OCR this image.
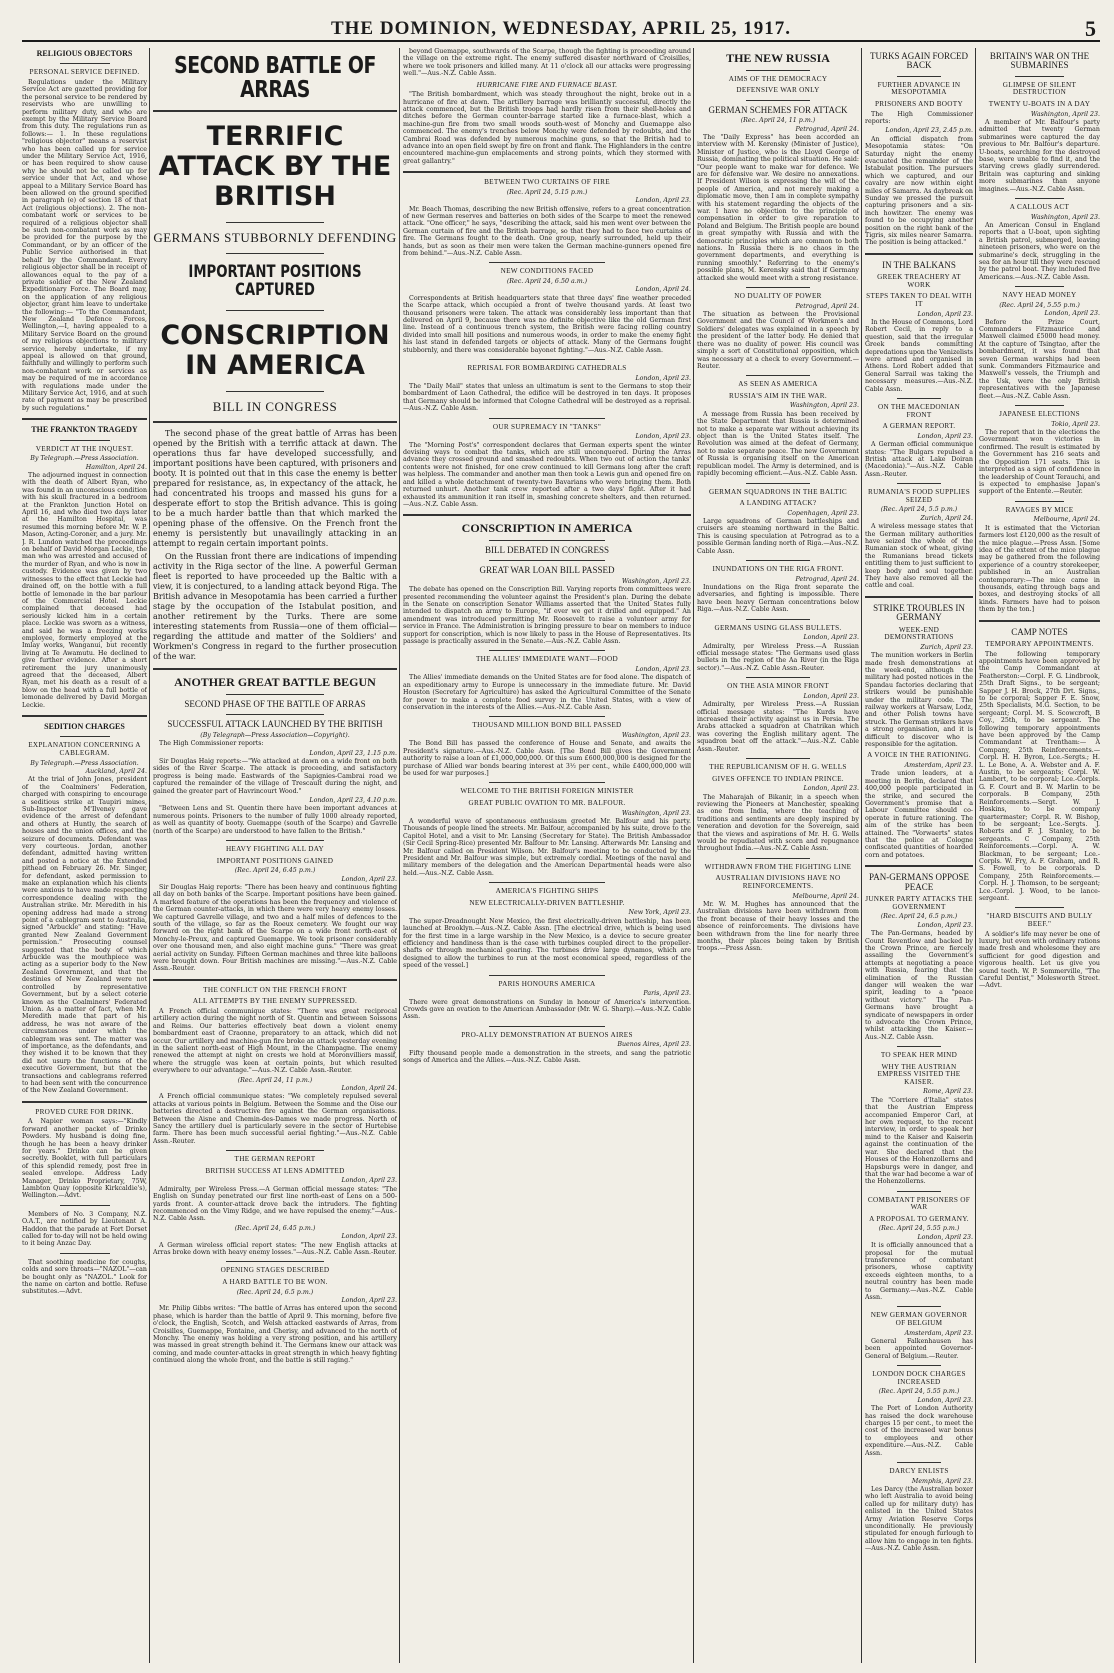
THE DOMINION, WEDNESDAY, APRIL 25, 1917.	5
RELIGIOUS OBJECTORS
PERSONAL SERVICE DEFINED.
Regulations under the Military Service Act are gazetted providing for the personal service to be rendered by reservists who are unwilling to perform military duty, and who are exempt by the Military Service Board from this duty. The regulations run as follows:— 1. In these regulations "religious objector" means a reservist who has been called up for service under the Military Service Act, 1916, or has been required to show cause why he should not be called up for service under that Act, and whose appeal to a Military Service Board has been allowed on the ground specified in paragraph (e) of section 18 of that Act (religious objections). 2. The non-combatant work or services to be required of a religious objector shall be such non-combatant work as may be provided for the purpose by the Commandant, or by an officer of the Public Service authorised in that behalf by the Commandant. Every religious objector shall be in receipt of allowances equal to the pay of a private soldier of the New Zealand Expeditionary Force. The Board may, on the application of any religious objector, grant him leave to undertake the following:— "To the Commandant, New Zealand Defence Forces, Wellington,—I, having appealed to a Military Service Board on the ground of my religious objections to military service, hereby undertake, if my appeal is allowed on that ground, faithfully and willingly to perform such non-combatant work or services as may be required of me in accordance with regulations made under the Military Service Act, 1916, and at such rate of payment as may be prescribed by such regulations."
THE FRANKTON TRAGEDY
VERDICT AT THE INQUEST.
By Telegraph.—Press Association.
Hamilton, April 24.
The adjourned inquest in connection with the death of Albert Ryan, who was found in an unconscious condition with his skull fractured in a bedroom at the Frankton Junction Hotel on April 16, and who died two days later at the Hamilton Hospital, was resumed this morning before Mr. W. P. Mason, Acting-Coroner, and a jury. Mr. J. R. Lundon watched the proceedings on behalf of David Morgan Leckie, the man who was arrested and accused of the murder of Ryan, and who is now in custody. Evidence was given by two witnesses to the effect that Leckie had drained off, on the bottle with a full bottle of lemonade in the bar parlour of the Commercial Hotel. Leckie complained that deceased had seriously kicked him in a certain place. Leckie was sworn as a witness, and said he was a freezing works employee, formerly employed at the Imlay works, Wanganui, but recently living at Te Awamutu. He declined to give further evidence. After a short retirement the jury unanimously agreed that the deceased, Albert Ryan, met his death as a result of a blow on the head with a full bottle of lemonade delivered by David Morgan Leckie.
SEDITION CHARGES
EXPLANATION CONCERNING A CABLEGRAM.
By Telegraph.—Press Association.
Auckland, April 24.
At the trial of John Jones, president of the Coalminers' Federation, charged with conspiring to encourage a seditious strike at Taupiri mines, Sub-Inspector M'Ilveney gave evidence of the arrest of defendant and others at Huntly, the search of houses and the union offices, and the seizure of documents. Defendant was very courteous. Jordan, another defendant, admitted having written and posted a notice at the Extended pithead on February 26. Mr. Singer, for defendant, asked permission to make an explanation which his clients were anxious to have made respecting correspondence dealing with the Australian strike. Mr. Meredith in his opening address had made a strong point of a cablegram sent to Australia, signed "Arbuckle" and stating: "Have granted New Zealand Government permission." Prosecuting counsel suggested that the body of which Arbuckle was the mouthpiece was acting as a superior body to the New Zealand Government, and that the destinies of New Zealand were not controlled by representative Government, but by a select coterie known as the Coalminers' Federated Union. As a matter of fact, when Mr. Meredith made that part of his address, he was not aware of the circumstances under which the cablegram was sent. The matter was of importance, as the defendants, and they wished it to be known that they did not usurp the functions of the executive Government, but that the transactions and cablegrams referred to had been sent with the concurrence of the New Zealand Government.
PROVED CURE FOR DRINK.
A Napier woman says:—"Kindly forward another packet of Drinko Powders. My husband is doing fine, though he has been a heavy drinker for years." Drinko can be given secretly. Booklet, with full particulars of this splendid remedy, post free in sealed envelope. Address Lady Manager, Drinko Proprietary, 75W, Lambton Quay (opposite Kirkcaldie's), Wellington.—Advt.
Members of No. 3 Company, N.Z. O.A.T., are notified by Lieutenant A. Haddon that the parade at Fort Dorset called for to-day will not be held owing to it being Anzac Day.
That soothing medicine for coughs, colds and sore throats—"NAZOL"—can be bought only as "NAZOL." Look for the name on carton and bottle. Refuse substitutes.—Advt.
SECOND BATTLE OF ARRAS
TERRIFIC ATTACK BY THE BRITISH
GERMANS STUBBORNLY DEFENDING
IMPORTANT POSITIONS CAPTURED
CONSCRIPTION IN AMERICA
BILL IN CONGRESS
The second phase of the great battle of Arras has been opened by the British with a terrific attack at dawn. The operations thus far have developed successfully, and important positions have been captured, with prisoners and booty. It is pointed out that in this case the enemy is better prepared for resistance, as, in expectancy of the attack, he had concentrated his troops and massed his guns for a desperate effort to stop the British advance. This is going to be a much harder battle than that which marked the opening phase of the offensive. On the French front the enemy is persistently but unavailingly attacking in an attempt to regain certain important points.
On the Russian front there are indications of impending activity in the Riga sector of the line. A powerful German fleet is reported to have proceeded up the Baltic with a view, it is conjectured, to a landing attack beyond Riga. The British advance in Mesopotamia has been carried a further stage by the occupation of the Istabulat position, and another retirement by the Turks. There are some interesting statements from Russia—one of them official—regarding the attitude and matter of the Soldiers' and Workmen's Congress in regard to the further prosecution of the war.
ANOTHER GREAT BATTLE BEGUN
SECOND PHASE OF THE BATTLE OF ARRAS
SUCCESSFUL ATTACK LAUNCHED BY THE BRITISH
(By Telegraph—Press Association—Copyright).
The High Commissioner reports:
London, April 23, 1.15 p.m.
Sir Douglas Haig reports:—"We attacked at dawn on a wide front on both sides of the River Scarpe. The attack is proceeding, and satisfactory progress is being made. Eastwards of the Sapignies-Cambrai road we captured the remainder of the village of Trescault during the night, and gained the greater part of Havrincourt Wood."
London, April 23, 4.10 p.m.
"Between Lens and St. Quentin there have been important advances at numerous points. Prisoners to the number of fully 1000 already reported, as well as quantity of booty. Guemappe (south of the Scarpe) and Gavrelle (north of the Scarpe) are understood to have fallen to the British."
HEAVY FIGHTING ALL DAY
IMPORTANT POSITIONS GAINED
(Rec. April 24, 6.45 p.m.)
London, April 23.
Sir Douglas Haig reports: "There has been heavy and continuous fighting all day on both banks of the Scarpe. Important positions have been gained. A marked feature of the operations has been the frequency and violence of the German counter-attacks, in which there were very heavy enemy losses. We captured Gavrelle village, and two and a half miles of defences to the south of the village, so far as the Roeux cemetery. We fought our way forward on the right bank of the Scarpe on a wide front north-east of Monchy-le-Preux, and captured Guemappe. We took prisoner considerably over one thousand men, and also eight machine guns." "There was great aerial activity on Sunday. Fifteen German machines and three kite balloons were brought down. Four British machines are missing."—Aus.-N.Z. Cable Assn.-Reuter.
THE CONFLICT ON THE FRENCH FRONT
ALL ATTEMPTS BY THE ENEMY SUPPRESSED.
A French official communique states: "There was great reciprocal artillery action during the night north of St. Quentin and between Soissons and Reims. Our batteries effectively beat down a violent enemy bombardment east of Craonne, preparatory to an attack, which did not occur. Our artillery and machine-gun fire broke an attack yesterday evening in the salient north-east of High Mount, in the Champagne. The enemy renewed the attempt at night on crests we hold at Moronvilliers massif, where the struggle was keen at certain points, but which resulted everywhere to our advantage."—Aus.-N.Z. Cable Assn.-Reuter.
(Rec. April 24, 11 p.m.)
London, April 24.
A French official communique states: "We completely repulsed several attacks at various points in Belgium. Between the Somme and the Oise our batteries directed a destructive fire against the German organisations. Between the Aisne and Chemin-des-Dames we made progress. North of Sancy the artillery duel is particularly severe in the sector of Hurtebise farm. There has been much successful aerial fighting."—Aus.-N.Z. Cable Assn.-Reuter.
THE GERMAN REPORT
BRITISH SUCCESS AT LENS ADMITTED
London, April 23.
Admiralty, per Wireless Press.—A German official message states: "The English on Sunday penetrated our first line north-east of Lens on a 500-yards front. A counter-attack drove back the intruders. The fighting recommenced on the Vimy Ridge, and we have repulsed the enemy."—Aus.-N.Z. Cable Assn.
(Rec. April 24, 6.45 p.m.)
London, April 23.
A German wireless official report states: "The new English attacks at Arras broke down with heavy enemy losses."—Aus.-N.Z. Cable Assn.-Reuter.
OPENING STAGES DESCRIBED
A HARD BATTLE TO BE WON.
(Rec. April 24, 6.5 p.m.)
London, April 23.
Mr. Philip Gibbs writes: "The battle of Arras has entered upon the second phase, which is harder than the battle of April 9. This morning, before five o'clock, the English, Scotch, and Welsh attacked eastwards of Arras, from Croisilles, Guemappe, Fontaine, and Cherisy, and advanced to the north of Monchy. The enemy was holding a very strong position, and his artillery was massed in great strength behind it. The Germans knew our attack was coming, and made counter-attacks in great strength in which heavy fighting continued along the whole front, and the battle is still raging."
beyond Guemappe, southwards of the Scarpe, though the fighting is proceeding around the village on the extreme right. The enemy suffered disaster northward of Croisilles, where we took prisoners and killed many. At 11 o'clock all our attacks were progressing well."—Aus.-N.Z. Cable Assn.
HURRICANE FIRE AND FURNACE BLAST.
"The British bombardment, which was steady throughout the night, broke out in a hurricane of fire at dawn. The artillery barrage was brilliantly successful, directly the attack commenced, but the British troops had hardly risen from their shell-holes and ditches before the German counter-barrage started like a furnace-blast, which a machine-gun fire from two small woods south-west of Monchy and Guemappe also commenced. The enemy's trenches below Monchy were defended by redoubts, and the Cambrai Road was defended by numerous machine guns, so that the British had to advance into an open field swept by fire on front and flank. The Highlanders in the centre encountered machine-gun emplacements and strong points, which they stormed with great gallantry."
BETWEEN TWO CURTAINS OF FIRE
(Rec. April 24, 5.15 p.m.)
London, April 23.
Mr. Beach Thomas, describing the new British offensive, refers to a great concentration of new German reserves and batteries on both sides of the Scarpe to meet the renewed attack. "One officer," he says, "describing the attack, said his men went over between the German curtain of fire and the British barrage, so that they had to face two curtains of fire. The Germans fought to the death. One group, nearly surrounded, held up their hands, but as soon as their men were taken the German machine-gunners opened fire from behind."—Aus.-N.Z. Cable Assn.
NEW CONDITIONS FACED
(Rec. April 24, 6.50 a.m.)
London, April 24.
Correspondents at British headquarters state that three days' fine weather preceded the Scarpe attack, which occupied a front of twelve thousand yards. At least two thousand prisoners were taken. The attack was considerably less important than that delivered on April 9, because there was no definite objective like the old German first line. Instead of a continuous trench system, the British were facing rolling country divided into small hill positions and numerous woods, in order to make the enemy fight his last stand in defended targets or objects of attack. Many of the Germans fought stubbornly, and there was considerable bayonet fighting."—Aus.-N.Z. Cable Assn.
REPRISAL FOR BOMBARDING CATHEDRALS
London, April 23.
The "Daily Mail" states that unless an ultimatum is sent to the Germans to stop their bombardment of Laon Cathedral, the edifice will be destroyed in ten days. It proposes that Germany should be informed that Cologne Cathedral will be destroyed as a reprisal.—Aus.-N.Z. Cable Assn.
OUR SUPREMACY IN "TANKS"
London, April 23.
The "Morning Post's" correspondent declares that German experts spent the winter devising ways to combat the tanks, which are still unconquered. During the Arras advance they crossed ground and smashed redoubts. When two out of action the tanks' contents were not finished, for one crew continued to kill Germans long after the craft was helpless. The commander and another man then took a Lewis gun and opened fire on and killed a whole detachment of twenty-two Bavarians who were bringing them. Both returned unhurt. Another tank crew reported after a two days' fight. After it had exhausted its ammunition it ran itself in, smashing concrete shelters, and then returned.—Aus.-N.Z. Cable Assn.
CONSCRIPTION IN AMERICA
BILL DEBATED IN CONGRESS
GREAT WAR LOAN BILL PASSED
Washington, April 23.
The debate has opened on the Conscription Bill. Varying reports from committees were presented recommending the volunteer against the President's plan. During the debate in the Senate on conscription Senator Williams asserted that the United States fully intended to dispatch an army to Europe, "if ever we get it drilled and equipped." An amendment was introduced permitting Mr. Roosevelt to raise a volunteer army for service in France. The Administration is bringing pressure to bear on members to induce support for conscription, which is now likely to pass in the House of Representatives. Its passage is practically assured in the Senate.—Aus.-N.Z. Cable Assn.
THE ALLIES' IMMEDIATE WANT—FOOD
London, April 23.
The Allies' immediate demands on the United States are for food alone. The dispatch of an expeditionary army to Europe is unnecessary in the immediate future. Mr. David Houston (Secretary for Agriculture) has asked the Agricultural Committee of the Senate for power to make a complete food survey in the United States, with a view of conservation in the interests of the Allies.—Aus.-N.Z. Cable Assn.
THOUSAND MILLION BOND BILL PASSED
Washington, April 23.
The Bond Bill has passed the conference of House and Senate, and awaits the President's signature.—Aus.-N.Z. Cable Assn. [The Bond Bill gives the Government authority to raise a loan of £1,000,000,000. Of this sum £600,000,000 is designed for the purchase of Allied war bonds bearing interest at 3½ per cent., while £400,000,000 will be used for war purposes.]
WELCOME TO THE BRITISH FOREIGN MINISTER
GREAT PUBLIC OVATION TO MR. BALFOUR.
Washington, April 23.
A wonderful wave of spontaneous enthusiasm greeted Mr. Balfour and his party. Thousands of people lined the streets. Mr. Balfour, accompanied by his suite, drove to the Capitol Hotel, and a visit to Mr. Lansing (Secretary for State). The British Ambassador (Sir Cecil Spring-Rice) presented Mr. Balfour to Mr. Lansing. Afterwards Mr. Lansing and Mr. Balfour called on President Wilson. Mr. Balfour's meeting to be conducted by the President and Mr. Balfour was simple, but extremely cordial. Meetings of the naval and military members of the delegation and the American Departmental heads were also held.—Aus.-N.Z. Cable Assn.
AMERICA'S FIGHTING SHIPS
NEW ELECTRICALLY-DRIVEN BATTLESHIP.
New York, April 23.
The super-Dreadnought New Mexico, the first electrically-driven battleship, has been launched at Brooklyn.—Aus.-N.Z. Cable Assn. [The electrical drive, which is being used for the first time in a large warship in the New Mexico, is a device to secure greater efficiency and handiness than is the case with turbines coupled direct to the propeller-shafts or through mechanical gearing. The turbines drive large dynamos, which are designed to allow the turbines to run at the most economical speed, regardless of the speed of the vessel.]
PARIS HONOURS AMERICA
Paris, April 23.
There were great demonstrations on Sunday in honour of America's intervention. Crowds gave an ovation to the American Ambassador (Mr. W. G. Sharp).—Aus.-N.Z. Cable Assn.
PRO-ALLY DEMONSTRATION AT BUENOS AIRES
Buenos Aires, April 23.
Fifty thousand people made a demonstration in the streets, and sang the patriotic songs of America and the Allies.—Aus.-N.Z. Cable Assn.
THE NEW RUSSIA
AIMS OF THE DEMOCRACY
DEFENSIVE WAR ONLY
GERMAN SCHEMES FOR ATTACK
(Rec. April 24, 11 p.m.)
Petrograd, April 24.
The "Daily Express" has been accorded an interview with M. Kerensky (Minister of Justice), Minister of Justice, who is the Lloyd George of Russia, dominating the political situation. He said: "Our people want to make war for defence. We are for defensive war. We desire no annexations. If President Wilson is expressing the will of the people of America, and not merely making a diplomatic move, then I am in complete sympathy with his statement regarding the objects of the war. I have no objection to the principle of compensation in order to give reparation to Poland and Belgium. The British people are bound in great sympathy with Russia and with the democratic principles which are common to both nations. In Russia there is no chaos in the government departments, and everything is running smoothly." Referring to the enemy's possible plans, M. Kerensky said that if Germany attacked she would meet with a strong resistance.
NO DUALITY OF POWER
Petrograd, April 24.
The situation as between the Provisional Government and the Council of Workmen's and Soldiers' delegates was explained in a speech by the president of the latter body. He denied that there was no duality of power. His council was simply a sort of Constitutional opposition, which was necessary at a check to every Government.—Reuter.
AS SEEN AS AMERICA
RUSSIA'S AIM IN THE WAR.
Washington, April 23.
A message from Russia has been received by the State Department that Russia is determined not to make a separate war without achieving its object than is the United States itself. The Revolution was aimed at the defeat of Germany, not to make separate peace. The new Government of Russia is organising itself on the American republican model. The Army is determined, and is rapidly becoming efficient.—Aus.-N.Z. Cable Assn.
GERMAN SQUADRONS IN THE BALTIC
A LANDING ATTACK?
Copenhagen, April 23.
Large squadrons of German battleships and cruisers are steaming northward in the Baltic. This is causing speculation at Petrograd as to a possible German landing north of Riga.—Aus.-N.Z. Cable Assn.
INUNDATIONS ON THE RIGA FRONT.
Petrograd, April 24.
Inundations on the Riga front separate the adversaries, and fighting is impossible. There have been heavy German concentrations below Riga.—Aus.-N.Z. Cable Assn.
GERMANS USING GLASS BULLETS.
London, April 23.
Admiralty, per Wireless Press.—A Russian official message states: "The Germans used glass bullets in the region of the Aa River (in the Riga sector)."—Aus.-N.Z. Cable Assn.-Reuter.
ON THE ASIA MINOR FRONT
London, April 23.
Admiralty, per Wireless Press.—A Russian official message states: "The Kurds have increased their activity against us in Persia. The Arabs attacked a squadron at Chatrikan which was covering the English military agent. The squadron beat off the attack."—Aus.-N.Z. Cable Assn.-Reuter.
THE REPUBLICANISM OF H. G. WELLS
GIVES OFFENCE TO INDIAN PRINCE.
London, April 23.
The Maharajah of Bikanir, in a speech when reviewing the Pioneers at Manchester, speaking as one from India, where the teaching of traditions and sentiments are deeply inspired by veneration and devotion for the Sovereign, said that the views and aspirations of Mr. H. G. Wells would be repudiated with scorn and repugnance throughout India.—Aus.-N.Z. Cable Assn.
WITHDRAWN FROM THE FIGHTING LINE
AUSTRALIAN DIVISIONS HAVE NO REINFORCEMENTS.
Melbourne, April 24.
Mr. W. M. Hughes has announced that the Australian divisions have been withdrawn from the front because of their heavy losses and the absence of reinforcements. The divisions have been withdrawn from the line for nearly three months, their places being taken by British troops.—Press Assn.
TURKS AGAIN FORCED BACK
FURTHER ADVANCE IN MESOPOTAMIA
PRISONERS AND BOOTY
The High Commissioner reports:
London, April 23, 2.45 p.m.
An official dispatch from Mesopotamia states: "On Saturday night the enemy evacuated the remainder of the Istabulat position. The pursuers which we captured, and our cavalry are now within eight miles of Samarra. As daybreak on Sunday we pressed the pursuit capturing prisoners and a six-inch howitzer. The enemy was found to be occupying another position on the right bank of the Tigris, six miles nearer Samarra. The position is being attacked."
IN THE BALKANS
GREEK TREACHERY AT WORK
STEPS TAKEN TO DEAL WITH IT
London, April 23.
In the House of Commons, Lord Robert Cecil, in reply to a question, said that the irregular Greek bands committing depredations upon the Venizelists were armed and organised in Athens. Lord Robert added that General Sarrail was taking the necessary measures.—Aus.-N.Z. Cable Assn.
ON THE MACEDONIAN FRONT
A GERMAN REPORT.
London, April 23.
A German official communique states: "The Bulgars repulsed a British attack at Lake Doiran (Macedonia)."—Aus.-N.Z. Cable Assn.-Reuter.
RUMANIA'S FOOD SUPPLIES SEIZED
(Rec. April 24, 5.5 p.m.)
Zurich, April 24.
A wireless message states that the German military authorities have seized the whole of the Rumanian stock of wheat, giving the Rumanians bread tickets entitling them to just sufficient to keep body and soul together. They have also removed all the cattle and coal.
STRIKE TROUBLES IN GERMANY
WEEK-END DEMONSTRATIONS
Zurich, April 23.
The munition workers in Berlin made fresh demonstrations at the week-end, although the military had posted notices in the Spandau factories declaring that strikers would be punishable under the military code. The railway workers at Warsaw, Lodz, and other Polish towns have struck. The German strikers have a strong organisation, and it is difficult to discover who is responsible for the agitation.
A VOICE IN THE RATIONING.
Amsterdam, April 23.
Trade union leaders, at a meeting in Berlin, declared that 400,000 people participated in the strike, and secured the Government's promise that a Labour Committee should co-operate in future rationing. The aim of the strike has been attained. The "Vorwaerts" states that the police at Cologne confiscated quantities of hoarded corn and potatoes.
PAN-GERMANS OPPOSE PEACE
JUNKER PARTY ATTACKS THE GOVERNMENT
(Rec. April 24, 6.5 p.m.)
London, April 23.
The Pan-Germans, headed by Count Reventlow and backed by the Crown Prince, are fiercely assailing the Government's attempts at negotiating a peace with Russia, fearing that the elimination of the Russian danger will weaken the war spirit, leading to a "peace without victory." The Pan-Germans have brought a syndicate of newspapers in order to advocate the Crown Prince, whilst attacking the Kaiser.—Aus.-N.Z. Cable Assn.
TO SPEAK HER MIND
WHY THE AUSTRIAN EMPRESS VISITED THE KAISER.
Rome, April 23.
The "Corriere d'Italia" states that the Austrian Empress accompanied Emperor Carl, at her own request, to the recent interview, in order to speak her mind to the Kaiser and Kaiserin against the continuation of the war. She declared that the Houses of the Hohenzollerns and Hapsburgs were in danger, and that the war had become a war of the Hohenzollerns.
COMBATANT PRISONERS OF WAR
A PROPOSAL TO GERMANY.
(Rec. April 24, 5.55 p.m.)
London, April 23.
It is officially announced that a proposal for the mutual transference of combatant prisoners, whose captivity exceeds eighteen months, to a neutral country has been made to Germany.—Aus.-N.Z. Cable Assn.
NEW GERMAN GOVERNOR OF BELGIUM
Amsterdam, April 23.
General Falkenhausen has been appointed Governor-General of Belgium.—Reuter.
LONDON DOCK CHARGES INCREASED
(Rec. April 24, 5.55 p.m.)
London, April 23.
The Port of London Authority has raised the dock warehouse charges 15 per cent., to meet the cost of the increased war bonus to employees and other expenditure.—Aus.-N.Z. Cable Assn.
DARCY ENLISTS
Memphis, April 23.
Les Darcy (the Australian boxer who left Australia to avoid being called up for military duty) has enlisted in the United States Army Aviation Reserve Corps unconditionally. He previously stipulated for enough furlough to allow him to engage in ten fights.—Aus.-N.Z. Cable Assn.
BRITAIN'S WAR ON THE SUBMARINES
GLIMPSE OF SILENT DESTRUCTION
TWENTY U-BOATS IN A DAY
Washington, April 23.
A member of Mr. Balfour's party admitted that twenty German submarines were captured the day previous to Mr. Balfour's departure. U-boats, searching for the destroyed base, were unable to find it, and the starving crews gladly surrendered. Britain was capturing and sinking more submarines than anyone imagines.—Aus.-N.Z. Cable Assn.
A CALLOUS ACT
Washington, April 23.
An American Consul in England reports that a U-boat, upon sighting a British patrol, submerged, leaving nineteen prisoners, who were on the submarine's deck, struggling in the sea for an hour till they were rescued by the patrol boat. They included five Americans.—Aus.-N.Z. Cable Assn.
NAVY HEAD MONEY
(Rec. April 24, 5.55 p.m.)
London, April 23.
Before the Prize Court, Commanders Fitzmaurice and Maxwell claimed £5000 head money. At the capture of Tsingtao, after the bombardment, it was found that seven German warships had been sunk. Commanders Fitzmaurice and Maxwell's vessels, the Triumph and the Usk, were the only British representatives with the Japanese fleet.—Aus.-N.Z. Cable Assn.
JAPANESE ELECTIONS
Tokio, April 23.
The report that in the elections the Government won victories in confirmed. The result is estimated by the Government has 216 seats and the Opposition 171 seats. This is interpreted as a sign of confidence in the leadership of Count Terauchi, and is expected to emphasise Japan's support of the Entente.—Reuter.
RAVAGES BY MICE
Melbourne, April 24.
It is estimated that the Victorian farmers lost £120,000 as the result of the mice plague.—Press Assn. [Some idea of the extent of the mice plague may be gathered from the following experience of a country storekeeper, published in an Australian contemporary:—The mice came in thousands, eating through bags and boxes, and destroying stocks of all kinds. Farmers have had to poison them by the ton.]
CAMP NOTES
TEMPORARY APPOINTMENTS.
The following temporary appointments have been approved by the Camp Commandant at Featherston:—Corpl. F. G. Lindbrook, 25th Draft Signs., to be sergeant; Sapper J. H. Brock, 27th Drt. Signs., to be corporal; Sapper F. E. Snow, 25th Specialists, M.G. Section, to be sergeant; Corpl. M. S. Scowcroft, B Coy., 25th, to be sergeant. The following temporary appointments have been approved by the Camp Commandant at Trentham:— A Company, 25th Reinforcements.—Corpl. H. H. Byron, Lce.-Sergts.; H. L. Le Bone, A. A. Webster and A. F. Austin, to be sergeants; Corpl. W. Lambert, to be corporal; Lce.-Corpls. G. F. Court and B. W. Marlin to be corporals. B Company, 25th Reinforcements.—Sergt. W. J. Hoskins, to be company quartermaster; Corpl. R. W. Bishop, to be sergeant; Lce.-Sergts. J. Roberts and F. J. Stanley, to be sergeants. C Company, 25th Reinforcements.—Corpl. A. W. Blackman, to be sergeant; Lce.-Corpls. W. Fry, A. F. Graham, and R. S. Fowell, to be corporals. D Company, 25th Reinforcements.—Corpl. H. J. Thomson, to be sergeant; Lce.-Corpl. J. Wood, to be lance-sergeant.
"HARD BISCUITS AND BULLY BEEF."
A soldier's life may never be one of luxury, but even with ordinary rations made fresh and wholesome they are sufficient for good digestion and vigorous health. Let us give you sound teeth. W. P. Sommerville, "The Careful Dentist," Molesworth Street.—Advt.
